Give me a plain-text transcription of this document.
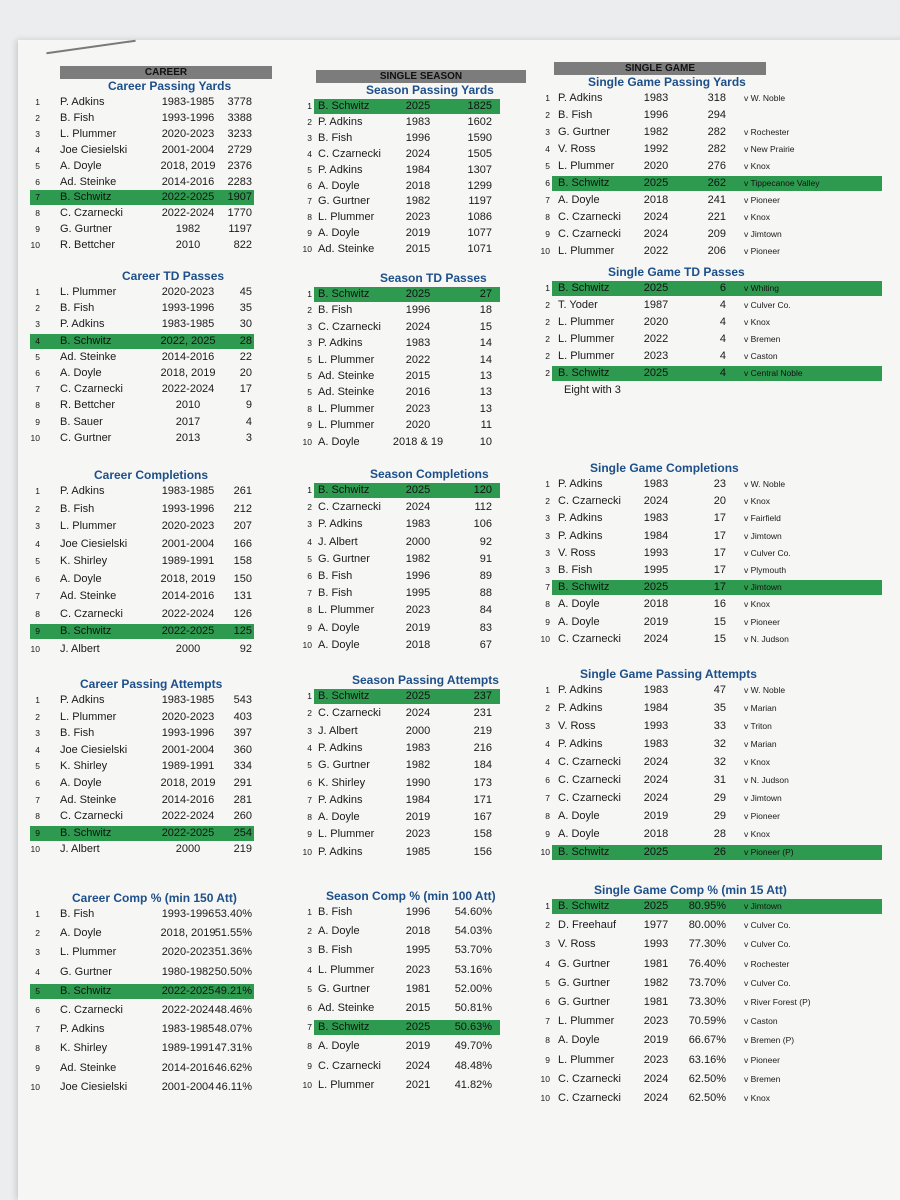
CAREER	SINGLE SEASON
SINGLE GAME
Career Passing Yards
1 P. Adkins	1983-1985	3778
2 B. Fish	1993-1996	3388
3 L. Plummer	2020-2023	3233
4 Joe Ciesielski	2001-2004	2729
5 A. Doyle	2018, 2019	2376
6 Ad. Steinke	2014-2016	2283
7 B. Schwitz	2022-2025	1907
8 C. Czarnecki	2022-2024	1770
9 G. Gurtner	1982	1197
10 R. Bettcher	2010	822
Season Passing Yards
1 B. Schwitz	2025	1825
2 P. Adkins	1983	1602
3 B. Fish	1996	1590
4 C. Czarnecki	2024	1505
5 P. Adkins	1984	1307
6 A. Doyle	2018	1299
7 G. Gurtner	1982	1197
8 L. Plummer	2023	1086
9 A. Doyle	2019	1077
10 Ad. Steinke	2015	1071
Single Game Passing Yards
1 P. Adkins	1983	318 v W. Noble
2 B. Fish	1996	294
3 G. Gurtner	1982	282 v Rochester
4 V. Ross	1992	282 v New Prairie
5 L. Plummer	2020	276 v Knox
6 B. Schwitz	2025	262 v Tippecanoe Valley
7 A. Doyle	2018	241 v Pioneer
8 C. Czarnecki	2024	221 v Knox
9 C. Czarnecki	2024	209 v Jimtown
10 L. Plummer	2022	206 v Pioneer
Career TD Passes
1 L. Plummer	2020-2023	45
2 B. Fish	1993-1996	35
3 P. Adkins	1983-1985	30
4 B. Schwitz	2022, 2025	28
5 Ad. Steinke	2014-2016	22
6 A. Doyle	2018, 2019	20
7 C. Czarnecki	2022-2024	17
8 R. Bettcher	2010	9
9 B. Sauer	2017	4
10 C. Gurtner	2013	3
Season TD Passes
1 B. Schwitz	2025	27
2 B. Fish	1996	18
3 C. Czarnecki	2024	15
3 P. Adkins	1983	14
5 L. Plummer	2022	14
5 Ad. Steinke	2015	13
5 Ad. Steinke	2016	13
8 L. Plummer	2023	13
9 L. Plummer	2020	11
10 A. Doyle	2018 & 19	10
Single Game TD Passes
1 B. Schwitz	2025	6 v Whiting
2 T. Yoder	1987	4 v Culver Co.
2 L. Plummer	2020	4 v Knox
2 L. Plummer	2022	4 v Bremen
2 L. Plummer	2023	4 v Caston
2 B. Schwitz	2025	4 v Central Noble
Eight with 3
Career Completions
1 P. Adkins	1983-1985	261
2 B. Fish	1993-1996	212
3 L. Plummer	2020-2023	207
4 Joe Ciesielski	2001-2004	166
5 K. Shirley	1989-1991	158
6 A. Doyle	2018, 2019	150
7 Ad. Steinke	2014-2016	131
8 C. Czarnecki	2022-2024	126
9 B. Schwitz	2022-2025	125
10 J. Albert	2000	92
Season Completions
1 B. Schwitz	2025	120
2 C. Czarnecki	2024	112
3 P. Adkins	1983	106
4 J. Albert	2000	92
5 G. Gurtner	1982	91
6 B. Fish	1996	89
7 B. Fish	1995	88
8 L. Plummer	2023	84
9 A. Doyle	2019	83
10 A. Doyle	2018	67
Single Game Completions
1 P. Adkins	1983	23 v W. Noble
2 C. Czarnecki	2024	20 v Knox
3 P. Adkins	1983	17 v Fairfield
3 P. Adkins	1984	17 v Jimtown
3 V. Ross	1993	17 v Culver Co.
3 B. Fish	1995	17 v Plymouth
7 B. Schwitz	2025	17 v Jimtown
8 A. Doyle	2018	16 v Knox
9 A. Doyle	2019	15 v Pioneer
10 C. Czarnecki	2024	15 v N. Judson
Career Passing Attempts
1 P. Adkins	1983-1985	543
2 L. Plummer	2020-2023	403
3 B. Fish	1993-1996	397
4 Joe Ciesielski	2001-2004	360
5 K. Shirley	1989-1991	334
6 A. Doyle	2018, 2019	291
7 Ad. Steinke	2014-2016	281
8 C. Czarnecki	2022-2024	260
9 B. Schwitz	2022-2025	254
10 J. Albert	2000	219
Season Passing Attempts
1 B. Schwitz	2025	237
2 C. Czarnecki	2024	231
3 J. Albert	2000	219
4 P. Adkins	1983	216
5 G. Gurtner	1982	184
6 K. Shirley	1990	173
7 P. Adkins	1984	171
8 A. Doyle	2019	167
9 L. Plummer	2023	158
10 P. Adkins	1985	156
Single Game Passing Attempts
1 P. Adkins	1983	47 v W. Noble
2 P. Adkins	1984	35 v Marian
3 V. Ross	1993	33 v Triton
4 P. Adkins	1983	32 v Marian
4 C. Czarnecki	2024	32 v Knox
6 C. Czarnecki	2024	31 v N. Judson
7 C. Czarnecki	2024	29 v Jimtown
8 A. Doyle	2019	29 v Pioneer
9 A. Doyle	2018	28 v Knox
10 B. Schwitz	2025	26 v Pioneer (P)
Career Comp % (min 150 Att)
1 B. Fish	1993-1996 53.40%
2 A. Doyle	2018, 2019 51.55%
3 L. Plummer	2020-2023 51.36%
4 G. Gurtner	1980-1982 50.50%
5 B. Schwitz	2022-2025 49.21%
6 C. Czarnecki	2022-2024 48.46%
7 P. Adkins	1983-1985 48.07%
8 K. Shirley	1989-1991 47.31%
9 Ad. Steinke	2014-2016 46.62%
10 Joe Ciesielski	2001-2004 46.11%
Season Comp % (min 100 Att)
1 B. Fish	1996	54.60%
2 A. Doyle	2018	54.03%
3 B. Fish	1995	53.70%
4 L. Plummer	2023	53.16%
5 G. Gurtner	1981	52.00%
6 Ad. Steinke	2015	50.81%
7 B. Schwitz	2025	50.63%
8 A. Doyle	2019	49.70%
9 C. Czarnecki	2024	48.48%
10 L. Plummer	2021	41.82%
Single Game Comp % (min 15 Att)
1 B. Schwitz	2025	80.95% v Jimtown
2 D. Freehauf	1977	80.00% v Culver Co.
3 V. Ross	1993	77.30% v Culver Co.
4 G. Gurtner	1981	76.40% v Rochester
5 G. Gurtner	1982	73.70% v Culver Co.
6 G. Gurtner	1981	73.30% v River Forest (P)
7 L. Plummer	2023	70.59% v Caston
8 A. Doyle	2019	66.67% v Bremen (P)
9 L. Plummer	2023	63.16% v Pioneer
10 C. Czarnecki	2024	62.50% v Bremen
10 C. Czarnecki	2024	62.50% v Knox
